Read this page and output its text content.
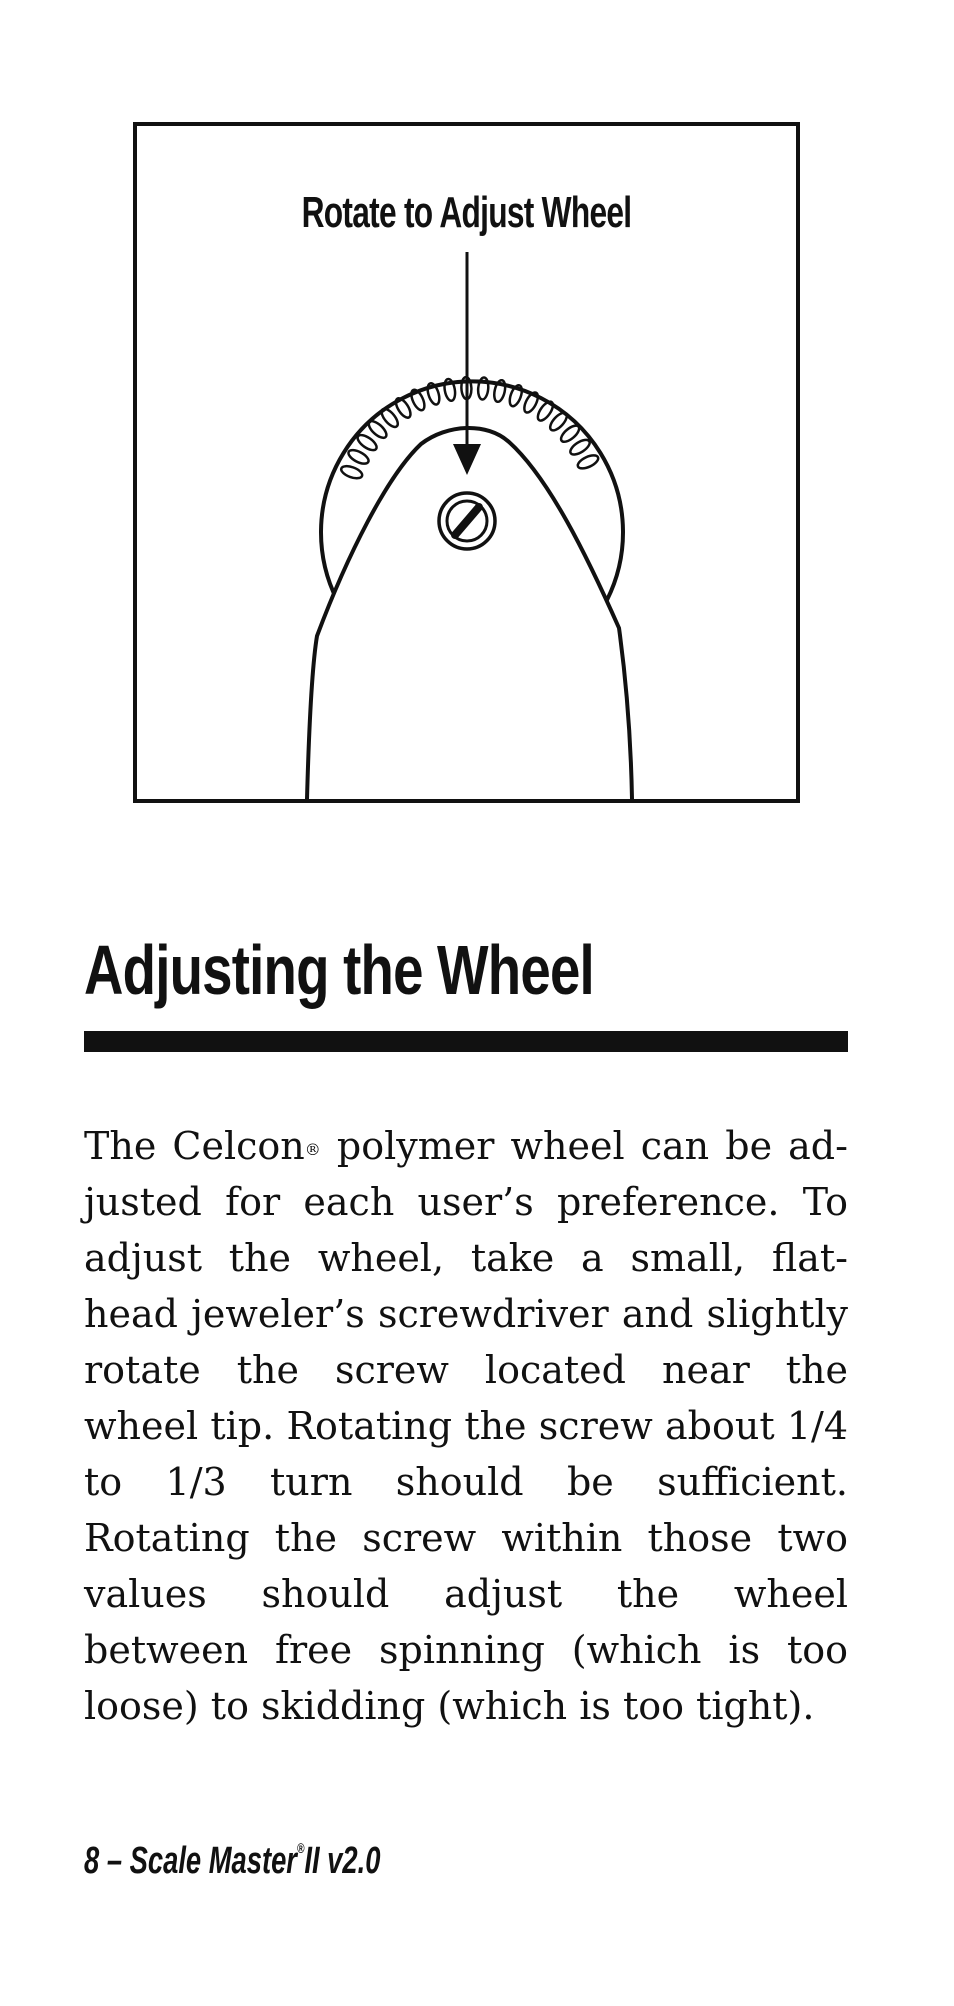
Rotate to Adjust Wheel
Adjusting the Wheel
The Celcon® polymer wheel can be adjusted for each user’s preference. To adjust the wheel, take a small, flat-head jeweler’s screwdriver and slightly rotate the screw located near the wheel tip. Rotating the screw about 1/4 to 1/3 turn should be sufficient. Rotating the screw within those two values should adjust the wheel between free spinning (which is too loose) to skidding (which is too tight).
8 – Scale Master®II v2.0
